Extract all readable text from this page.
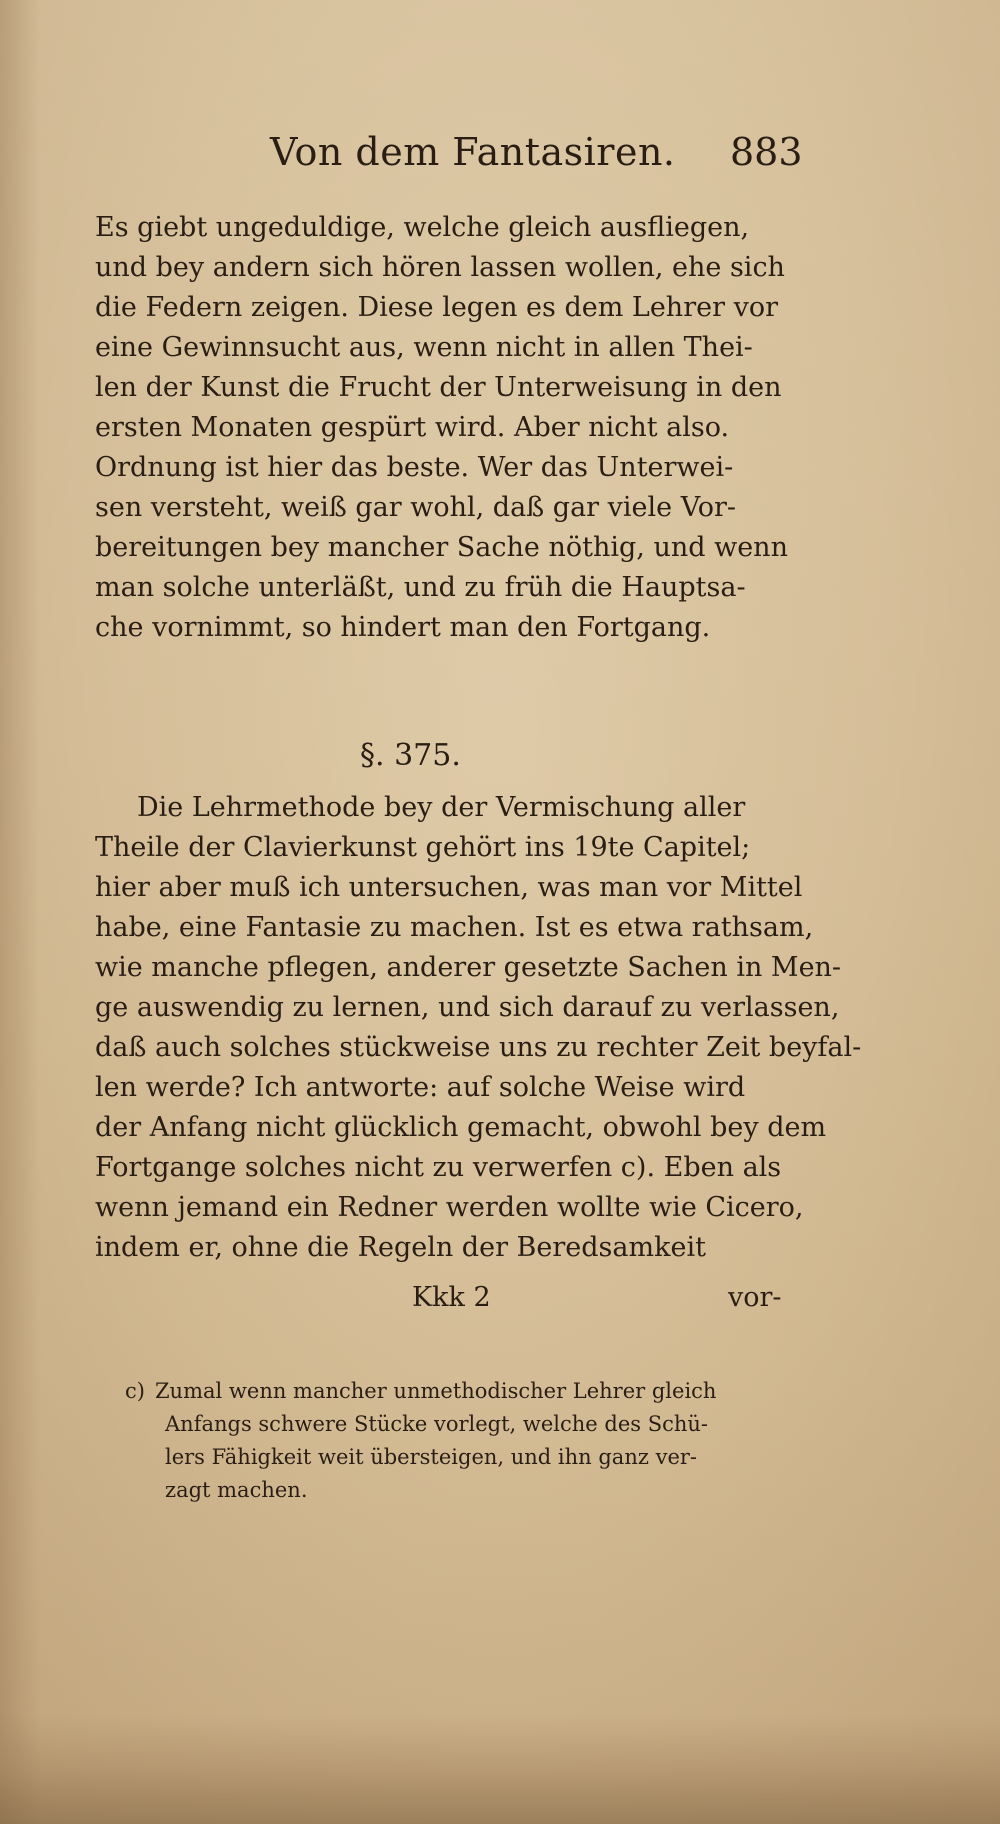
Von dem Fantasiren. 883
Es giebt ungeduldige, welche gleich ausfliegen,
und bey andern sich hören lassen wollen, ehe sich
die Federn zeigen. Diese legen es dem Lehrer vor
eine Gewinnsucht aus, wenn nicht in allen Thei-
len der Kunst die Frucht der Unterweisung in den
ersten Monaten gespürt wird. Aber nicht also.
Ordnung ist hier das beste. Wer das Unterwei-
sen versteht, weiß gar wohl, daß gar viele Vor-
bereitungen bey mancher Sache nöthig, und wenn
man solche unterläßt, und zu früh die Hauptsa-
che vornimmt, so hindert man den Fortgang.
§. 375.
Die Lehrmethode bey der Vermischung aller
Theile der Clavierkunst gehört ins 19te Capitel;
hier aber muß ich untersuchen, was man vor Mittel
habe, eine Fantasie zu machen. Ist es etwa rathsam,
wie manche pflegen, anderer gesetzte Sachen in Men-
ge auswendig zu lernen, und sich darauf zu verlassen,
daß auch solches stückweise uns zu rechter Zeit beyfal-
len werde? Ich antworte: auf solche Weise wird
der Anfang nicht glücklich gemacht, obwohl bey dem
Fortgange solches nicht zu verwerfen c). Eben als
wenn jemand ein Redner werden wollte wie Cicero,
indem er, ohne die Regeln der Beredsamkeit
Kkk 2	vor-
c) Zumal wenn mancher unmethodischer Lehrer gleich
Anfangs schwere Stücke vorlegt, welche des Schü-
lers Fähigkeit weit übersteigen, und ihn ganz ver-
zagt machen.
